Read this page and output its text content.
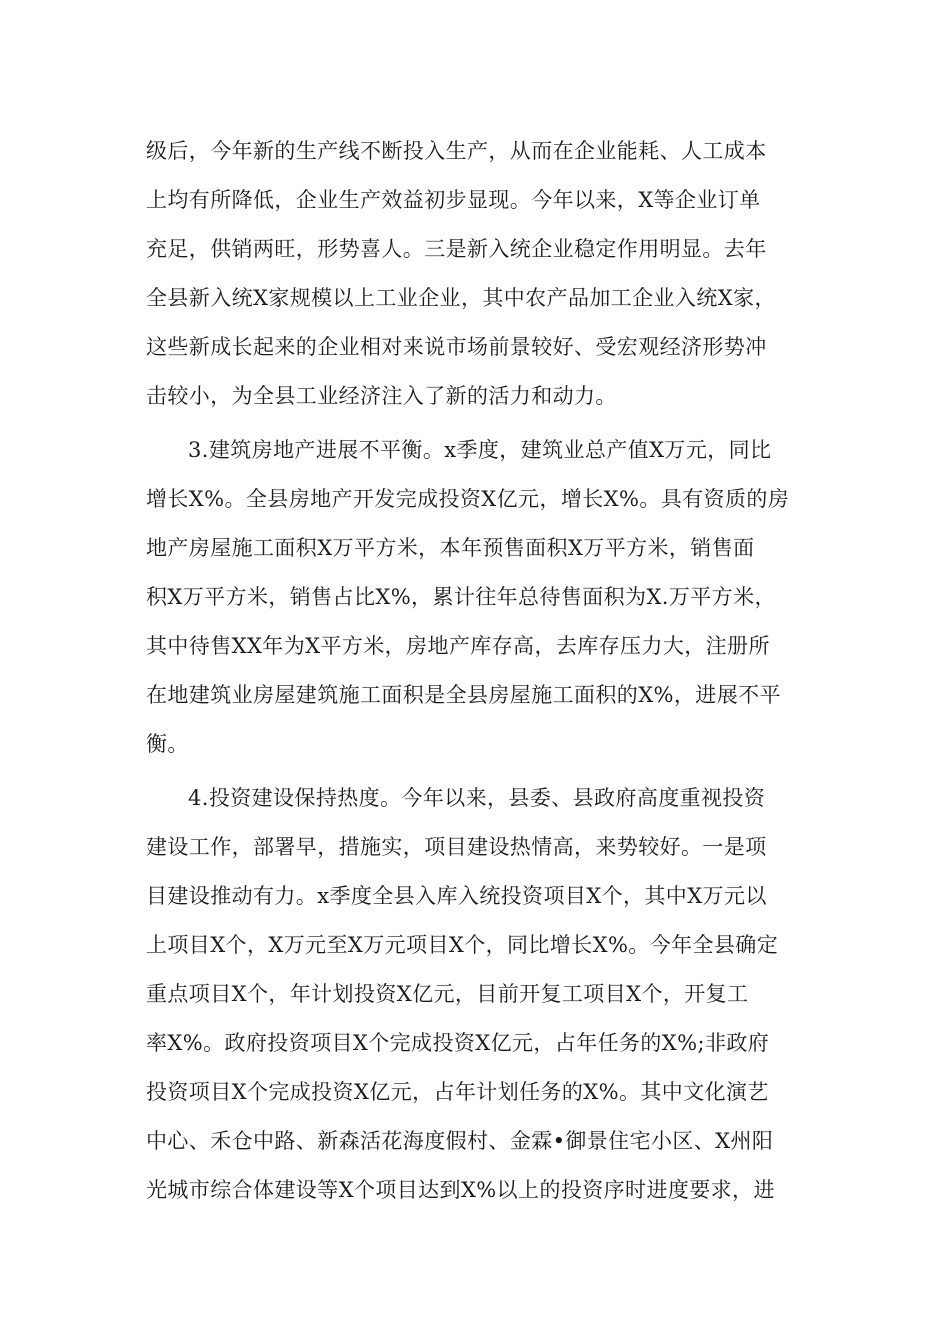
级后，今年新的生产线不断投入生产，从而在企业能耗、人工成本
上均有所降低，企业生产效益初步显现。今年以来，X等企业订单
充足，供销两旺，形势喜人。三是新入统企业稳定作用明显。去年
全县新入统X家规模以上工业企业，其中农产品加工企业入统X家，
这些新成长起来的企业相对来说市场前景较好、受宏观经济形势冲
击较小，为全县工业经济注入了新的活力和动力。
3.建筑房地产进展不平衡。x季度，建筑业总产值X万元，同比
增长X%。全县房地产开发完成投资X亿元，增长X%。具有资质的房
地产房屋施工面积X万平方米，本年预售面积X万平方米，销售面
积X万平方米，销售占比X%，累计往年总待售面积为X.万平方米，
其中待售XX年为X平方米，房地产库存高，去库存压力大，注册所
在地建筑业房屋建筑施工面积是全县房屋施工面积的X%，进展不平
衡。
4.投资建设保持热度。今年以来，县委、县政府高度重视投资
建设工作，部署早，措施实，项目建设热情高，来势较好。一是项
目建设推动有力。x季度全县入库入统投资项目X个，其中X万元以
上项目X个，X万元至X万元项目X个，同比增长X%。今年全县确定
重点项目X个，年计划投资X亿元，目前开复工项目X个，开复工
率X%。政府投资项目X个完成投资X亿元，占年任务的X%;非政府
投资项目X个完成投资X亿元，占年计划任务的X%。其中文化演艺
中心、禾仓中路、新森活花海度假村、金霖•御景住宅小区、X州阳
光城市综合体建设等X个项目达到X%以上的投资序时进度要求，进
